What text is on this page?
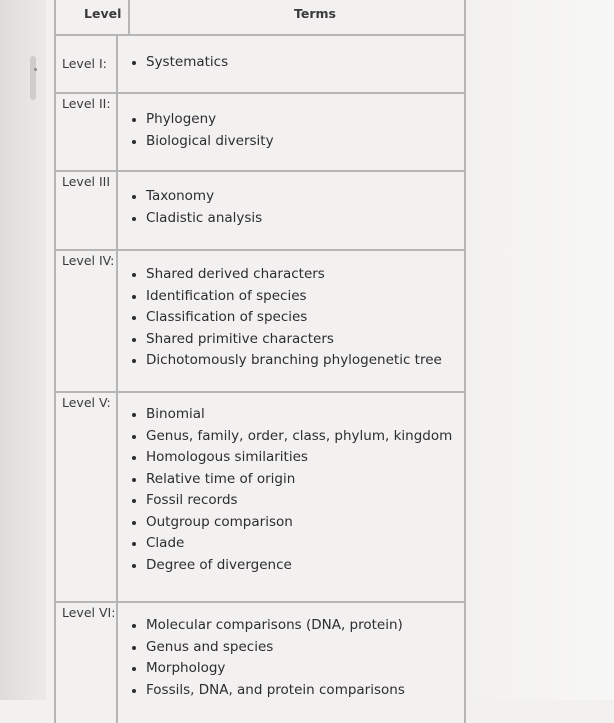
Level	Terms
Level I:	Systematics
Level II:
Phylogeny
Biological diversity
Level III
Taxonomy
Cladistic analysis
Level IV:
Shared derived characters
Identification of species
Classification of species
Shared primitive characters
Dichotomously branching phylogenetic tree
Level V:
Binomial
Genus, family, order, class, phylum, kingdom
Homologous similarities
Relative time of origin
Fossil records
Outgroup comparison
Clade
Degree of divergence
Level VI:
Molecular comparisons (DNA, protein)
Genus and species
Morphology
Fossils, DNA, and protein comparisons
